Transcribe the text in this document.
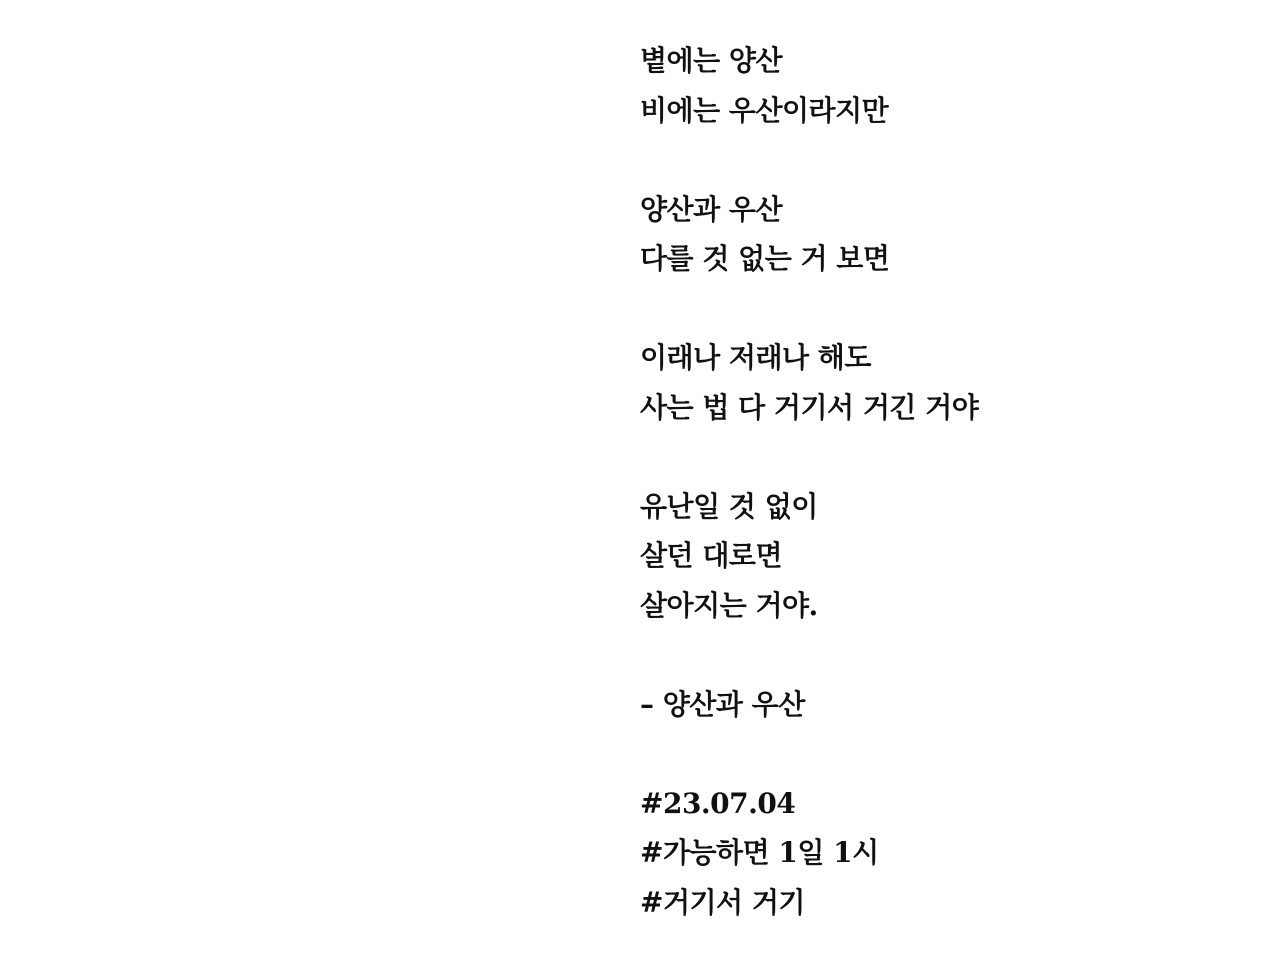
볕에는 양산
비에는 우산이라지만
양산과 우산
다를 것 없는 거 보면
이래나 저래나 해도
사는 법 다 거기서 거긴 거야
유난일 것 없이
살던 대로면
살아지는 거야.
– 양산과 우산
#23.07.04
#가능하면 1일 1시
#거기서 거기
